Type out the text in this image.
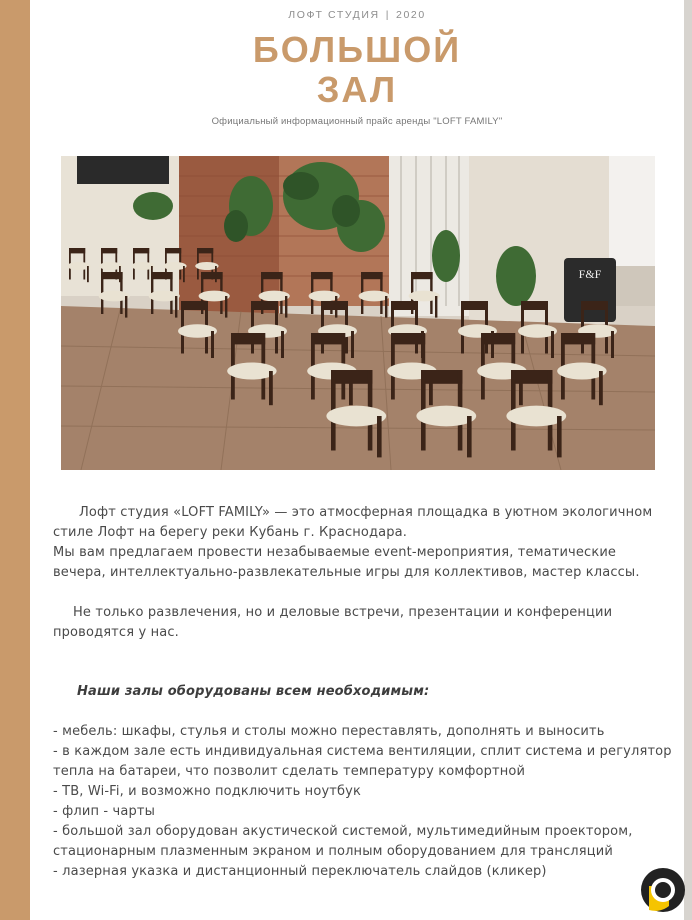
ЛОФТ СТУДИЯ | 2020
БОЛЬШОЙ
ЗАЛ
Официальный информационный прайс аренды "LOFT FAMILY"
F&F

Лофт студия «LOFT FAMILY» — это атмосферная площадка в уютном экологичном стиле Лофт на берегу реки Кубань г. Краснодара.

Мы вам предлагаем провести незабываемые event-мероприятия, тематические вечера, интеллектуально-развлекательные игры для коллективов, мастер классы.

Не только развлечения, но и деловые встречи, презентации и конференции проводятся у нас.

Наши залы оборудованы всем необходимым:

- мебель: шкафы, стулья и столы можно переставлять, дополнять и выносить

- в каждом зале есть индивидуальная система вентиляции, сплит система и регулятор тепла на батареи, что позволит сделать температуру комфортной

- ТВ, Wi-Fi, и возможно подключить ноутбук

- флип - чарты

- большой зал оборудован акустической системой, мультимедийным проектором, стационарным плазменным экраном и полным оборудованием для трансляций

- лазерная указка и дистанционный переключатель слайдов (кликер)
